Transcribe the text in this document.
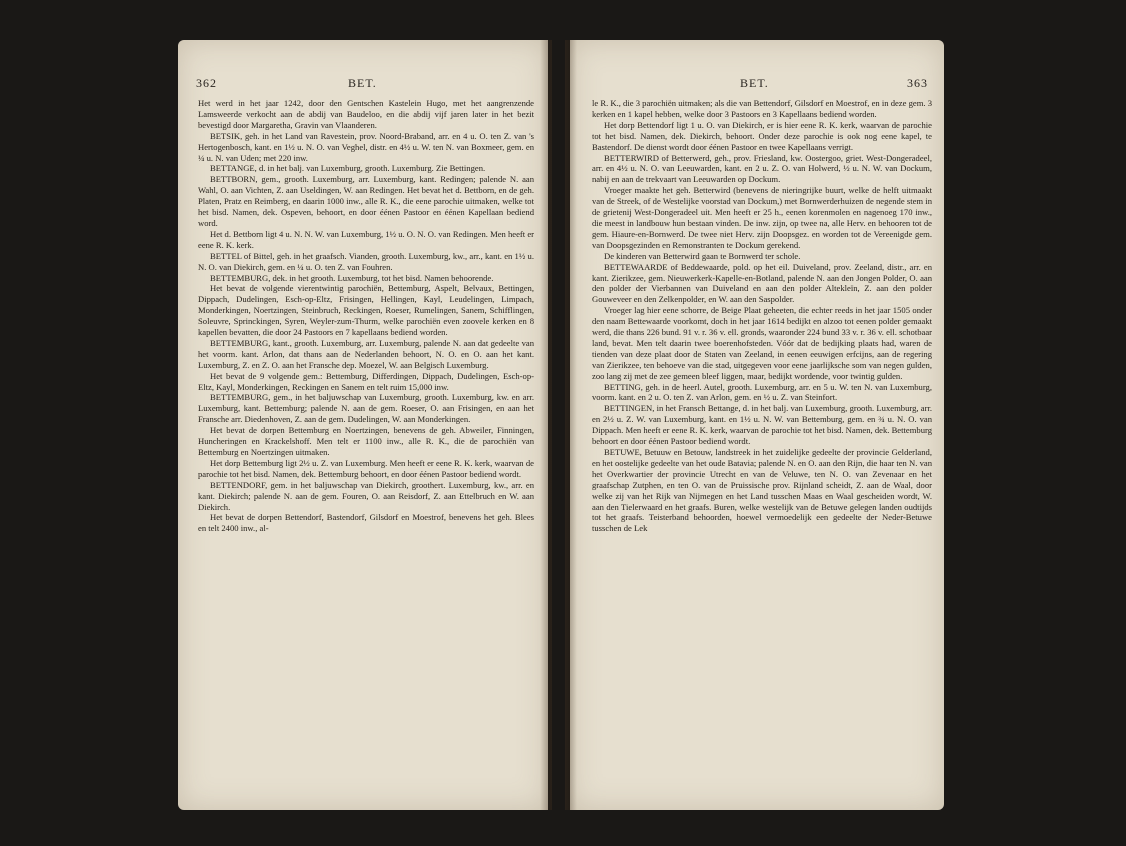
362	BET.

Het werd in het jaar 1242, door den Gentschen Kastelein Hugo, met het aangrenzende Lamsweerde verkocht aan de abdij van Baudeloo, en die abdij vijf jaren later in het bezit bevestigd door Margaretha, Gravin van Vlaanderen.

BETSIK, geh. in het Land van Ravestein, prov. Noord-Braband, arr. en 4 u. O. ten Z. van 's Hertogenbosch, kant. en 1½ u. N. O. van Veghel, distr. en 4½ u. W. ten N. van Boxmeer, gem. en ¼ u. N. van Uden; met 220 inw.

BETTANGE, d. in het balj. van Luxemburg, grooth. Luxemburg. Zie Bettingen.

BETTBORN, gem., grooth. Luxemburg, arr. Luxemburg, kant. Redingen; palende N. aan Wahl, O. aan Vichten, Z. aan Useldingen, W. aan Redingen. Het bevat het d. Bettborn, en de geh. Platen, Pratz en Reimberg, en daarin 1000 inw., alle R. K., die eene parochie uitmaken, welke tot het bisd. Namen, dek. Ospeven, behoort, en door éénen Pastoor en éénen Kapellaan bediend word.

Het d. Bettborn ligt 4 u. N. N. W. van Luxemburg, 1½ u. O. N. O. van Redingen. Men heeft er eene R. K. kerk.

BETTEL of Bittel, geh. in het graafsch. Vianden, grooth. Luxemburg, kw., arr., kant. en 1½ u. N. O. van Diekirch, gem. en ¼ u. O. ten Z. van Fouhren.

BETTEMBURG, dek. in het grooth. Luxemburg, tot het bisd. Namen behoorende.

Het bevat de volgende vierentwintig parochiën, Bettemburg, Aspelt, Belvaux, Bettingen, Dippach, Dudelingen, Esch-op-Eltz, Frisingen, Hellingen, Kayl, Leudelingen, Limpach, Monderkingen, Noertzingen, Steinbruch, Reckingen, Roeser, Rumelingen, Sanem, Schifflingen, Soleuvre, Sprinckingen, Syren, Weyler-zum-Thurm, welke parochiën even zoovele kerken en 8 kapellen bevatten, die door 24 Pastoors en 7 kapellaans bediend worden.

BETTEMBURG, kant., grooth. Luxemburg, arr. Luxemburg, palende N. aan dat gedeelte van het voorm. kant. Arlon, dat thans aan de Nederlanden behoort, N. O. en O. aan het kant. Luxemburg, Z. en Z. O. aan het Fransche dep. Moezel, W. aan Belgisch Luxemburg.

Het bevat de 9 volgende gem.: Bettemburg, Differdingen, Dippach, Dudelingen, Esch-op-Eltz, Kayl, Monderkingen, Reckingen en Sanem en telt ruim 15,000 inw.

BETTEMBURG, gem., in het baljuwschap van Luxemburg, grooth. Luxemburg, kw. en arr. Luxemburg, kant. Bettemburg; palende N. aan de gem. Roeser, O. aan Frisingen, en aan het Fransche arr. Diedenhoven, Z. aan de gem. Dudelingen, W. aan Monderkingen.

Het bevat de dorpen Bettemburg en Noertzingen, benevens de geh. Abweiler, Finningen, Huncheringen en Krackelshoff. Men telt er 1100 inw., alle R. K., die de parochiën van Bettemburg en Noertzingen uitmaken.

Het dorp Bettemburg ligt 2½ u. Z. van Luxemburg. Men heeft er eene R. K. kerk, waarvan de parochie tot het bisd. Namen, dek. Bettemburg behoort, en door éénen Pastoor bediend wordt.

BETTENDORF, gem. in het baljuwschap van Diekirch, groothert. Luxemburg, kw., arr. en kant. Diekirch; palende N. aan de gem. Fouren, O. aan Reisdorf, Z. aan Ettelbruch en W. aan Diekirch.

Het bevat de dorpen Bettendorf, Bastendorf, Gilsdorf en Moestrof, benevens het geh. Blees en telt 2400 inw., al-

363
BET.

le R. K., die 3 parochiën uitmaken; als die van Bettendorf, Gilsdorf en Moestrof, en in deze gem. 3 kerken en 1 kapel hebben, welke door 3 Pastoors en 3 Kapellaans bediend worden.

Het dorp Bettendorf ligt 1 u. O. van Diekirch, er is hier eene R. K. kerk, waarvan de parochie tot het bisd. Namen, dek. Diekirch, behoort. Onder deze parochie is ook nog eene kapel, te Bastendorf. De dienst wordt door éénen Pastoor en twee Kapellaans verrigt.

BETTERWIRD of Betterwerd, geh., prov. Friesland, kw. Oostergoo, griet. West-Dongeradeel, arr. en 4½ u. N. O. van Leeuwarden, kant. en 2 u. Z. O. van Holwerd, ½ u. N. W. van Dockum, nabij en aan de trekvaart van Leeuwarden op Dockum.

Vroeger maakte het geh. Betterwird (benevens de nieringrijke buurt, welke de helft uitmaakt van de Streek, of de Westelijke voorstad van Dockum,) met Bornwerderhuizen de negende stem in de grietenij West-Dongeradeel uit. Men heeft er 25 h., eenen korenmolen en nagenoeg 170 inw., die meest in landbouw hun bestaan vinden. De inw. zijn, op twee na, alle Herv. en behooren tot de gem. Hiaure-en-Bornwerd. De twee niet Herv. zijn Doopsgez. en worden tot de Vereenigde gem. van Doopsgezinden en Remonstranten te Dockum gerekend.

De kinderen van Betterwird gaan te Bornwerd ter schole.

BETTEWAARDE of Beddewaarde, pold. op het eil. Duiveland, prov. Zeeland, distr., arr. en kant. Zierikzee, gem. Nieuwerkerk-Kapelle-en-Botland, palende N. aan den Jongen Polder, O. aan den polder der Vierbannen van Duiveland en aan den polder Altekleïn, Z. aan den polder Gouweveer en den Zelkenpolder, en W. aan den Saspolder.

Vroeger lag hier eene schorre, de Beige Plaat geheeten, die echter reeds in het jaar 1505 onder den naam Bettewaarde voorkomt, doch in het jaar 1614 bedijkt en alzoo tot eenen polder gemaakt werd, die thans 226 bund. 91 v. r. 36 v. ell. gronds, waaronder 224 bund 33 v. r. 36 v. ell. schotbaar land, bevat. Men telt daarin twee boerenhofsteden. Vóór dat de bedijking plaats had, waren de tienden van deze plaat door de Staten van Zeeland, in eenen eeuwigen erfcijns, aan de regering van Zierikzee, ten behoeve van die stad, uitgegeven voor eene jaarlijksche som van negen gulden, zoo lang zij met de zee gemeen bleef liggen, maar, bedijkt wordende, voor twintig gulden.

BETTING, geh. in de heerl. Autel, grooth. Luxemburg, arr. en 5 u. W. ten N. van Luxemburg, voorm. kant. en 2 u. O. ten Z. van Arlon, gem. en ½ u. Z. van Steinfort.

BETTINGEN, in het Fransch Bettange, d. in het balj. van Luxemburg, grooth. Luxemburg, arr. en 2½ u. Z. W. van Luxemburg, kant. en 1½ u. N. W. van Bettemburg, gem. en ¾ u. N. O. van Dippach. Men heeft er eene R. K. kerk, waarvan de parochie tot het bisd. Namen, dek. Bettemburg behoort en door éénen Pastoor bediend wordt.

BETUWE, Betuuw en Betouw, landstreek in het zuidelijke gedeelte der provincie Gelderland, en het oostelijke gedeelte van het oude Batavia; palende N. en O. aan den Rijn, die haar ten N. van het Overkwartier der provincie Utrecht en van de Veluwe, ten N. O. van Zevenaar en het graafschap Zutphen, en ten O. van de Pruissische prov. Rijnland scheidt, Z. aan de Waal, door welke zij van het Rijk van Nijmegen en het Land tusschen Maas en Waal gescheiden wordt, W. aan den Tielerwaard en het graafs. Buren, welke westelijk van de Betuwe gelegen landen oudtijds tot het graafs. Teisterband behoorden, hoewel vermoedelijk een gedeelte der Neder-Betuwe tusschen de Lek
